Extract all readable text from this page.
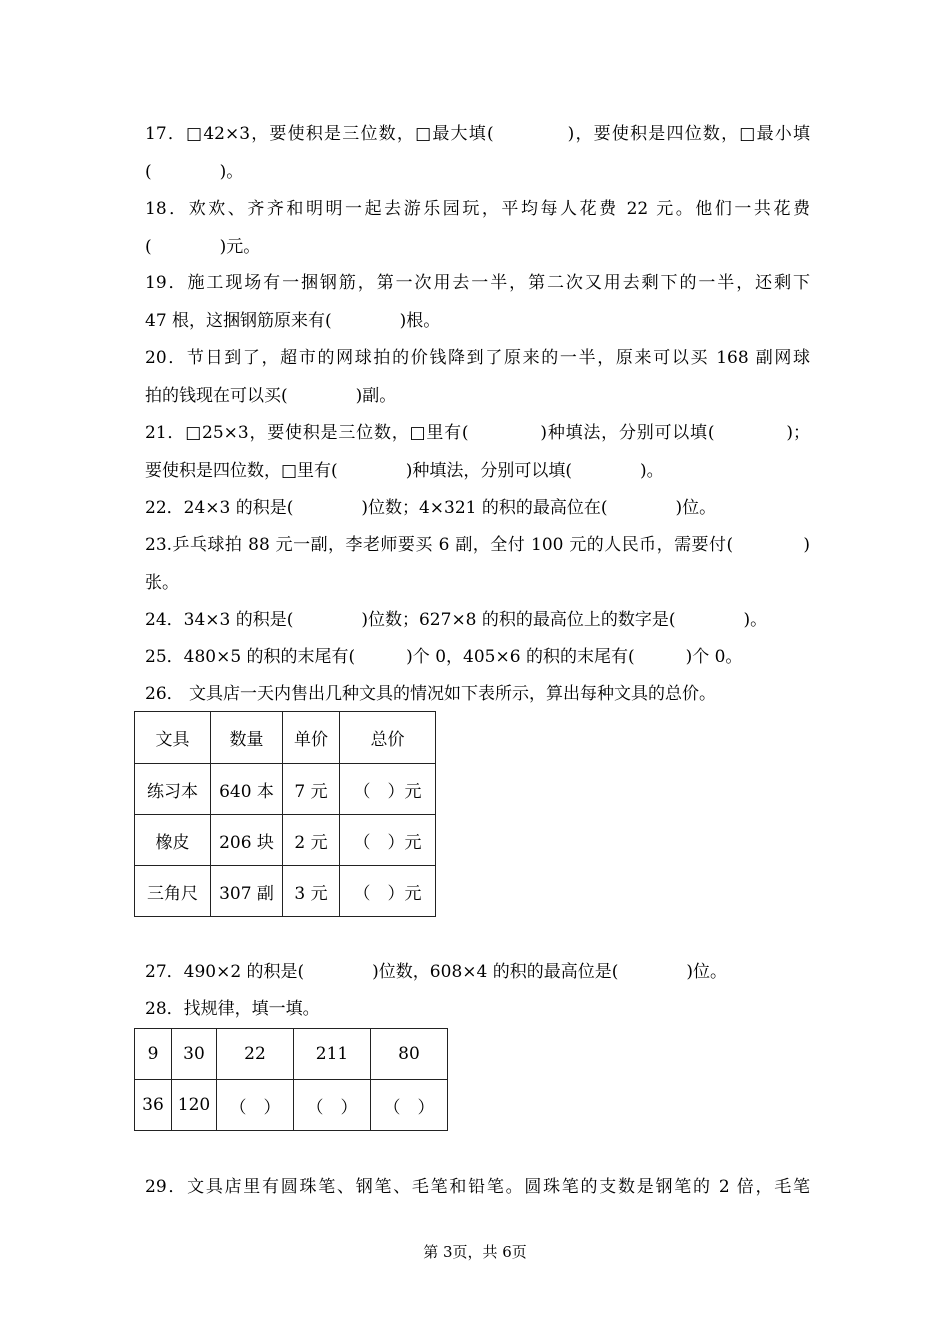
17．□42×3，要使积是三位数，□最大填(　　　　)，要使积是四位数，□最小填
(　　　　)。
18．欢欢、齐齐和明明一起去游乐园玩，平均每人花费 22 元。他们一共花费
(　　　　)元。
19．施工现场有一捆钢筋，第一次用去一半，第二次又用去剩下的一半，还剩下
47 根，这捆钢筋原来有(　　　　)根。
20．节日到了，超市的网球拍的价钱降到了原来的一半，原来可以买 168 副网球
拍的钱现在可以买(　　　　)副。
21．□25×3，要使积是三位数，□里有(　　　　)种填法，分别可以填(　　　　)；
要使积是四位数，□里有(　　　　)种填法，分别可以填(　　　　)。
22．24×3 的积是(　　　　)位数；4×321 的积的最高位在(　　　　)位。
23.乒乓球拍 88 元一副，李老师要买 6 副，全付 100 元的人民币，需要付(　　　　)
张。
24．34×3 的积是(　　　　)位数；627×8 的积的最高位上的数字是(　　　　)。
25．480×5 的积的末尾有(　　　)个 0，405×6 的积的末尾有(　　　)个 0。
26． 文具店一天内售出几种文具的情况如下表所示，算出每种文具的总价。
文具	数量	单价	总价
练习本	640 本	7 元	（　）元
橡皮	206 块	2 元	（　）元
三角尺	307 副	3 元	（　）元
27．490×2 的积是(　　　　)位数，608×4 的积的最高位是(　　　　)位。
28．找规律，填一填。
9	30	22	211	80
36	120	（　）	（　）	（　）
29．文具店里有圆珠笔、钢笔、毛笔和铅笔。圆珠笔的支数是钢笔的 2 倍，毛笔
第 3页，共 6页
